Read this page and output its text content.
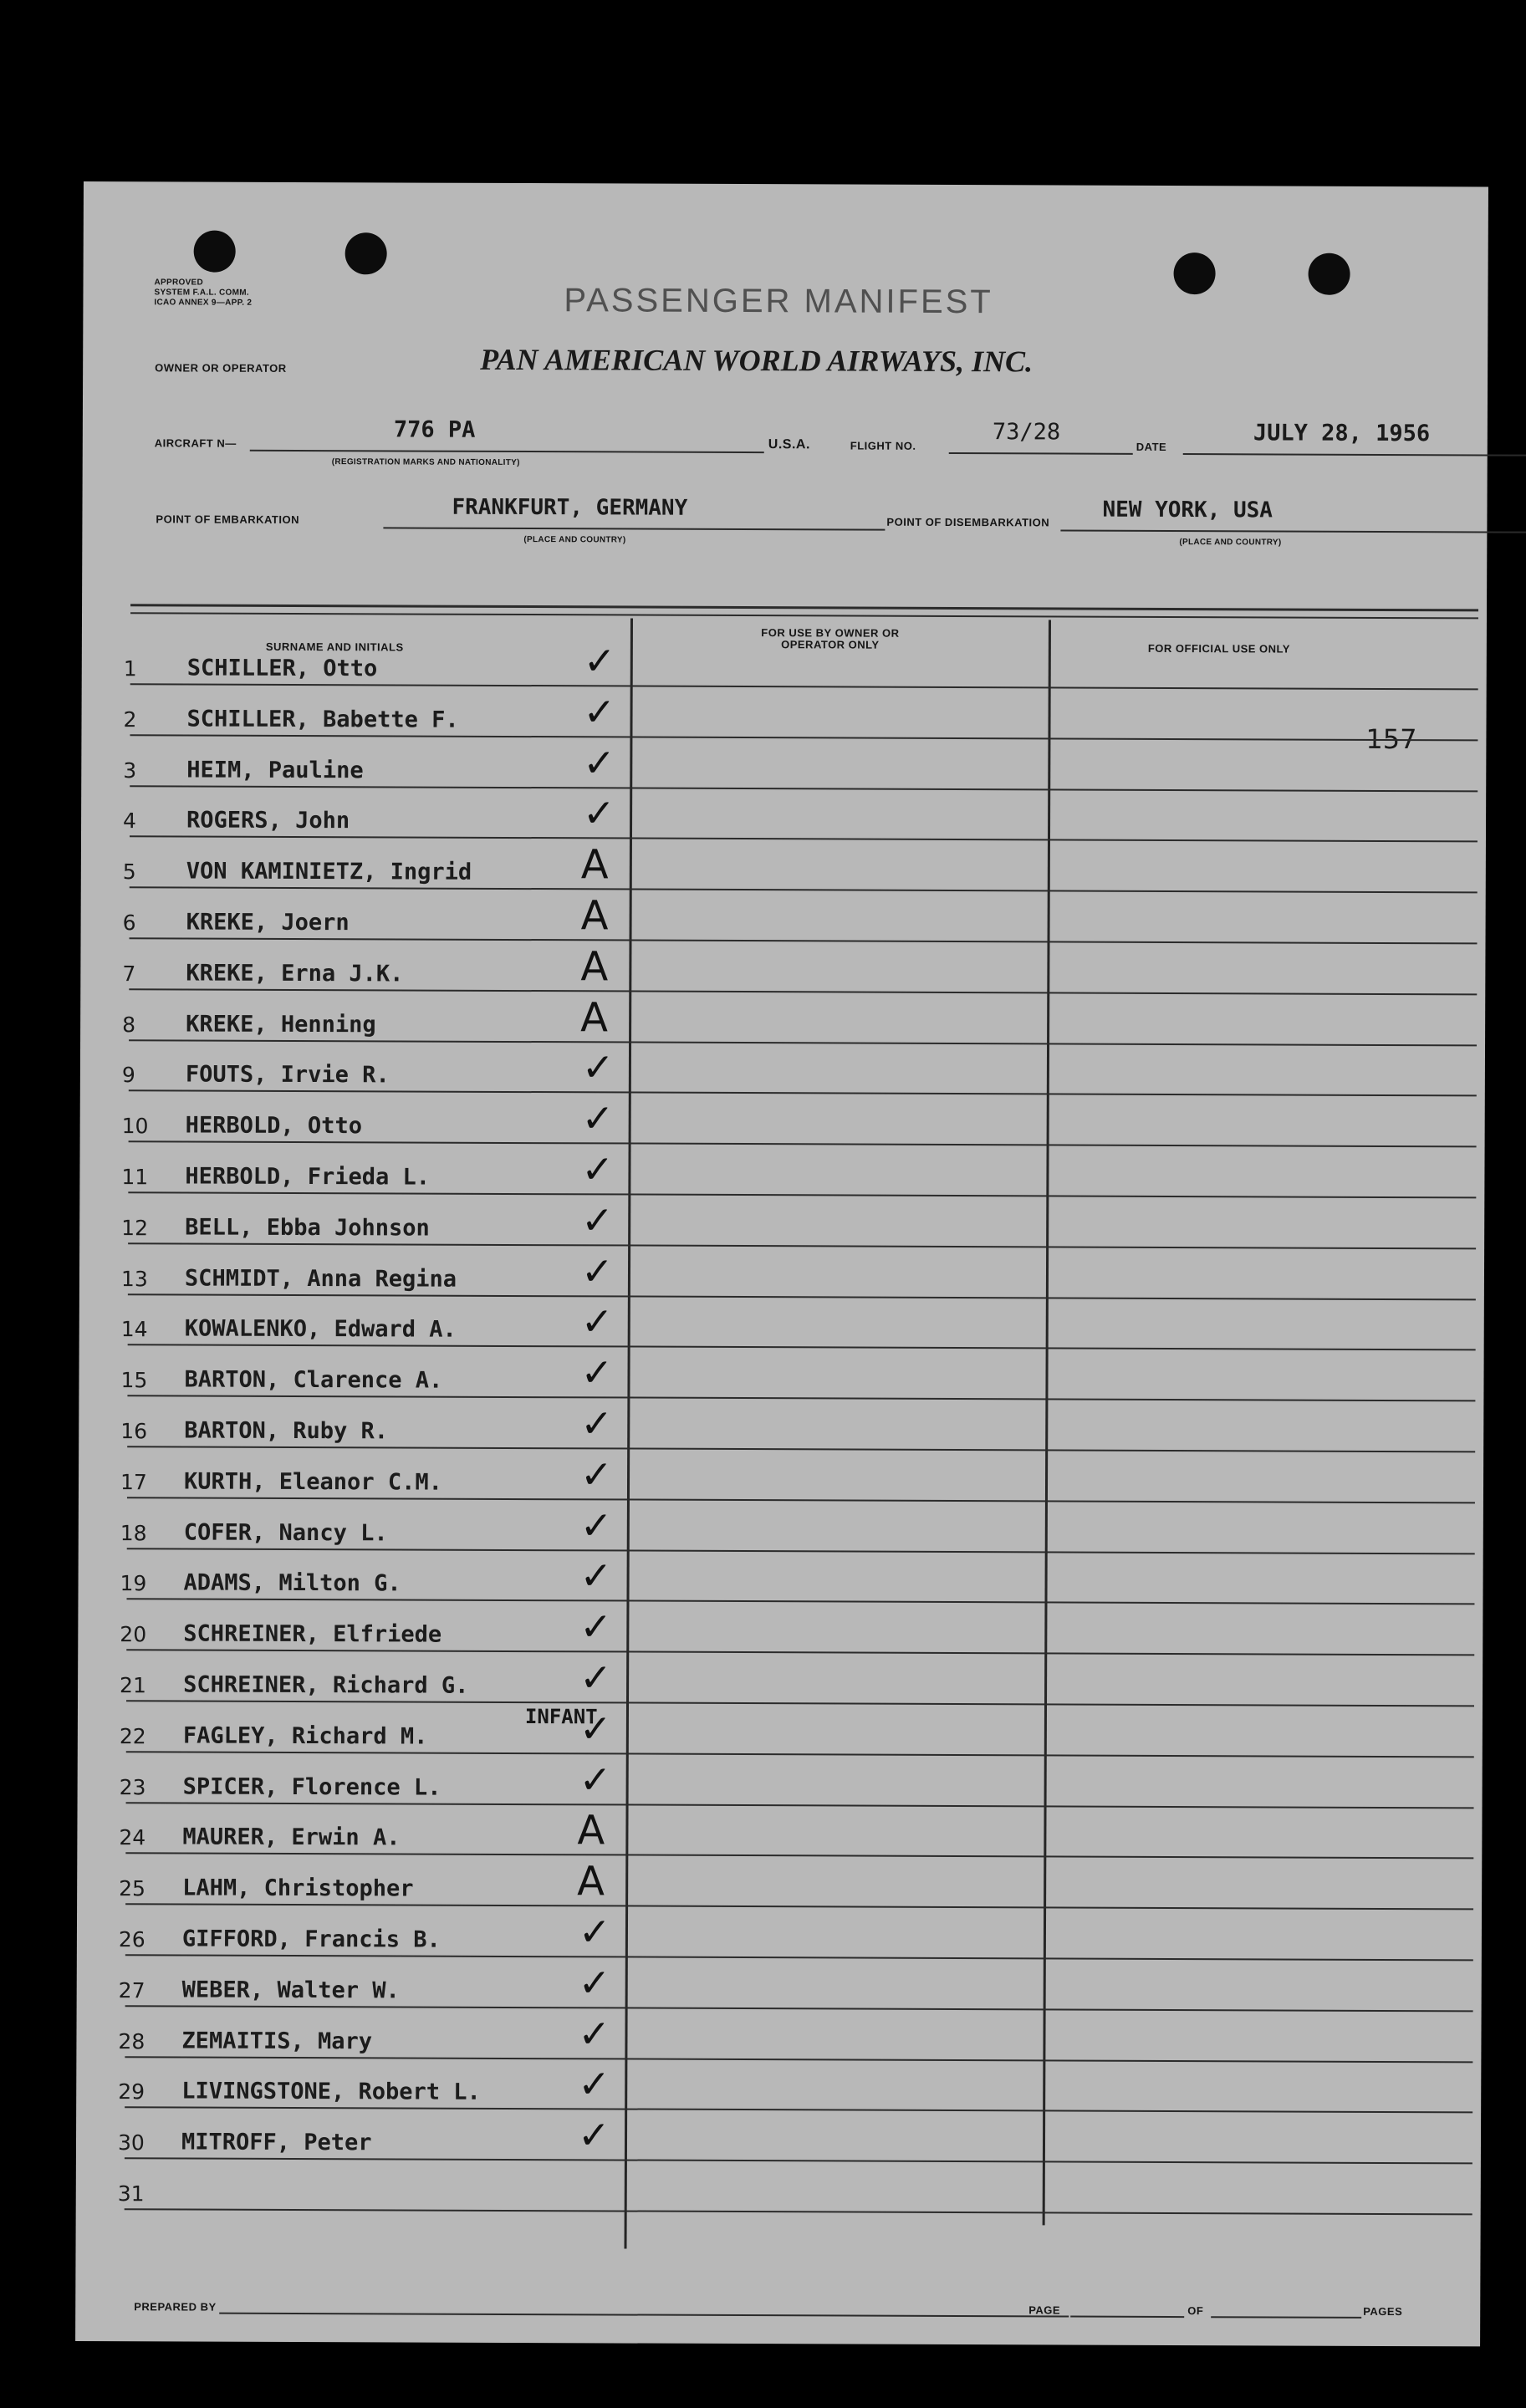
APPROVED
SYSTEM F.A.L. COMM.
ICAO ANNEX 9—APP. 2	PASSENGER MANIFEST
OWNER OR OPERATOR	PAN AMERICAN WORLD AIRWAYS, INC.
AIRCRAFT N—
776 PA
(REGISTRATION MARKS AND NATIONALITY)
U.S.A.	FLIGHT NO.
73/28
DATE
JULY 28, 1956
POINT OF EMBARKATION	FRANKFURT, GERMANY
(PLACE AND COUNTRY)
POINT OF DISEMBARKATION NEW YORK, USA
(PLACE AND COUNTRY)
SURNAME AND INITIALS
FOR USE BY OWNER OR OPERATOR ONLY	FOR OFFICIAL USE ONLY
157
INFANT
1	SCHILLER, Otto	✓
2	SCHILLER, Babette F.	✓
3	HEIM, Pauline	✓
4	ROGERS, John	✓
5	VON KAMINIETZ, Ingrid	A
6	KREKE, Joern	A
7	KREKE, Erna J.K.	A
8	KREKE, Henning	A
9	FOUTS, Irvie R.	✓
10	HERBOLD, Otto	✓
11	HERBOLD, Frieda L.	✓
12	BELL, Ebba Johnson	✓
13	SCHMIDT, Anna Regina	✓
14	KOWALENKO, Edward A.	✓
15	BARTON, Clarence A.	✓
16	BARTON, Ruby R.	✓
17	KURTH, Eleanor C.M.	✓
18	COFER, Nancy L.	✓
19	ADAMS, Milton G.	✓
20	SCHREINER, Elfriede	✓
21	SCHREINER, Richard G.	✓
22	FAGLEY, Richard M.	✓
23	SPICER, Florence L.	✓
24	MAURER, Erwin A.	A
25	LAHM, Christopher	A
26	GIFFORD, Francis B.	✓
27	WEBER, Walter W.	✓
28	ZEMAITIS, Mary	✓
29	LIVINGSTONE, Robert L.	✓
30	MITROFF, Peter	✓
31
PREPARED BY	PAGE	OF	PAGES
